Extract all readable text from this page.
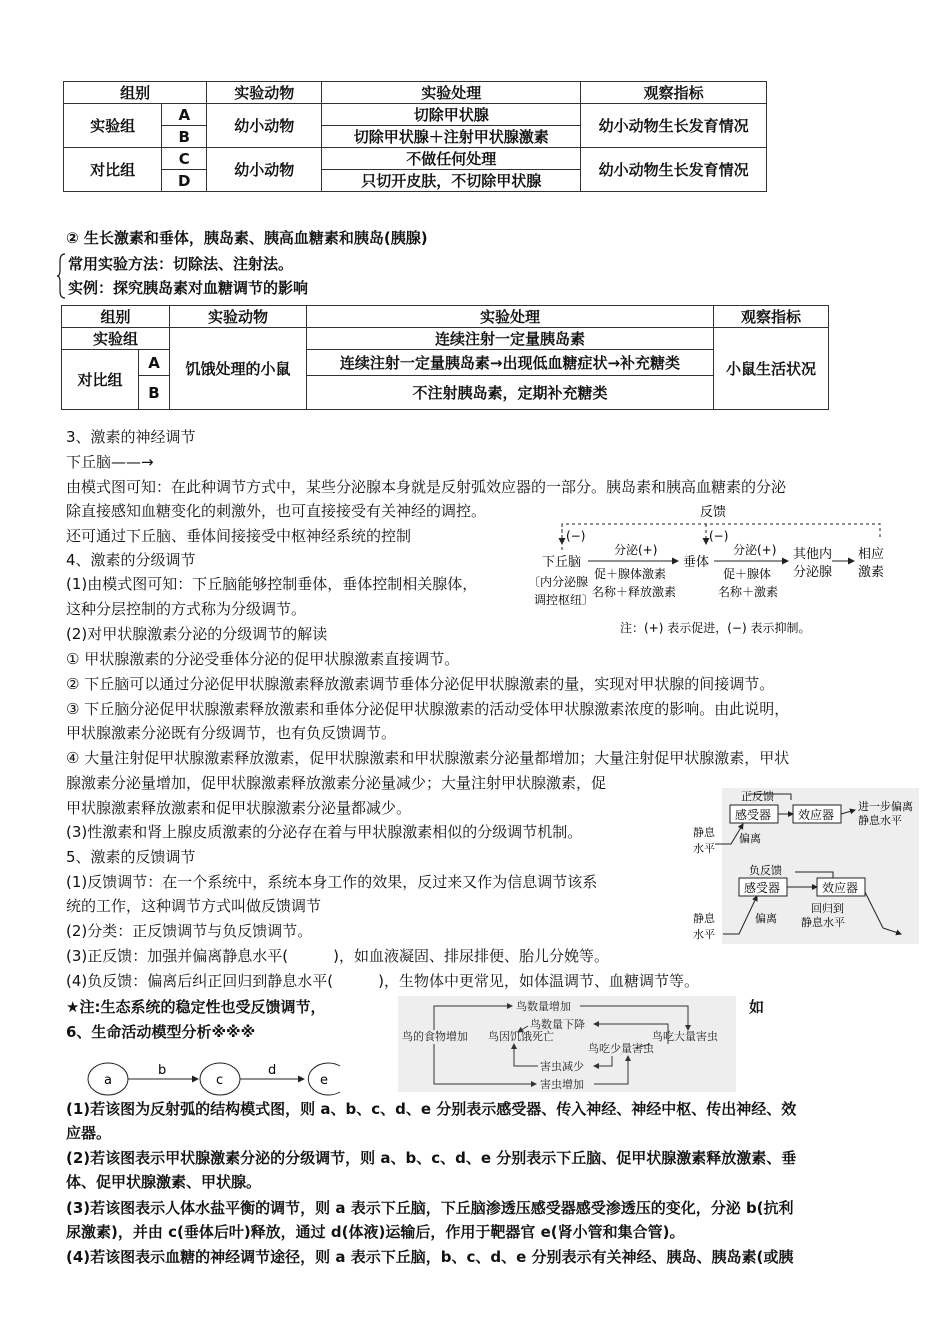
组别		实验动物	实验处理	观察指标
实验组	A	幼小动物	切除甲状腺	幼小动物生长发育情况
	B		切除甲状腺＋注射甲状腺激素	
对比组	C	幼小动物	不做任何处理	幼小动物生长发育情况
	D		只切开皮肤，不切除甲状腺	
② 生长激素和垂体，胰岛素、胰高血糖素和胰岛(胰腺)
常用实验方法：切除法、注射法。
实例：探究胰岛素对血糖调节的影响
组别		实验动物	实验处理	观察指标
实验组		饥饿处理的小鼠	连续注射一定量胰岛素	小鼠生活状况
对比组	A		连续注射一定量胰岛素→出现低血糖症状→补充糖类	
	B		不注射胰岛素，定期补充糖类	
3、激素的神经调节
下丘脑——→
由模式图可知：在此种调节方式中，某些分泌腺本身就是反射弧效应器的一部分。胰岛素和胰高血糖素的分泌
除直接感知血糖变化的刺激外，也可直接接受有关神经的调控。
还可通过下丘脑、垂体间接接受中枢神经系统的控制
4、激素的分级调节
(1)由模式图可知：下丘脑能够控制垂体，垂体控制相关腺体，
这种分层控制的方式称为分级调节。
(2)对甲状腺激素分泌的分级调节的解读
① 甲状腺激素的分泌受垂体分泌的促甲状腺激素直接调节。
② 下丘脑可以通过分泌促甲状腺激素释放激素调节垂体分泌促甲状腺激素的量，实现对甲状腺的间接调节。
③ 下丘脑分泌促甲状腺激素释放激素和垂体分泌促甲状腺激素的活动受体甲状腺激素浓度的影响。由此说明，
甲状腺激素分泌既有分级调节，也有负反馈调节。
④ 大量注射促甲状腺激素释放激素，促甲状腺激素和甲状腺激素分泌量都增加；大量注射促甲状腺激素，甲状
腺激素分泌量增加，促甲状腺激素释放激素分泌量减少；大量注射甲状腺激素，促
甲状腺激素释放激素和促甲状腺激素分泌量都减少。
(3)性激素和肾上腺皮质激素的分泌存在着与甲状腺激素相似的分级调节机制。
5、激素的反馈调节
(1)反馈调节：在一个系统中，系统本身工作的效果，反过来又作为信息调节该系
统的工作，这种调节方式叫做反馈调节
(2)分类：正反馈调节与负反馈调节。
(3)正反馈：加强并偏离静息水平(　　　)，如血液凝固、排尿排便、胎儿分娩等。
(4)负反馈：偏离后纠正回归到静息水平(　　　)，生物体中更常见，如体温调节、血糖调节等。
★注:生态系统的稳定性也受反馈调节，	如
6、生命活动模型分析※※※
(1)若该图为反射弧的结构模式图，则 a、b、c、d、e 分别表示感受器、传入神经、神经中枢、传出神经、效
应器。
(2)若该图表示甲状腺激素分泌的分级调节，则 a、b、c、d、e 分别表示下丘脑、促甲状腺激素释放激素、垂
体、促甲状腺激素、甲状腺。
(3)若该图表示人体水盐平衡的调节，则 a 表示下丘脑，下丘脑渗透压感受器感受渗透压的变化，分泌 b(抗利
尿激素)，并由 c(垂体后叶)释放，通过 d(体液)运输后，作用于靶器官 e(肾小管和集合管)。
(4)若该图表示血糖的神经调节途径，则 a 表示下丘脑，b、c、d、e 分别表示有关神经、胰岛、胰岛素(或胰
反馈
(−)	(−)
下丘脑
〔内分泌腺
调控枢纽〕
分泌(+)
促＋腺体激素
名称＋释放激素
垂体
分泌(+)
促＋腺体
名称＋激素
其他内
分泌腺
相应
激素
注：(+) 表示促进，(−) 表示抑制。
正反馈
感受器 效应器
进一步偏离
静息水平
静息
水平
偏离
负反馈
感受器	效应器
偏离
回归到
静息水平
静息
水平
鸟数量增加
鸟的食物增加
鸟数量下降
鸟因饥饿死亡	鸟吃大量害虫
鸟吃少量害虫
害虫减少
害虫增加
a
b
c
d
e
